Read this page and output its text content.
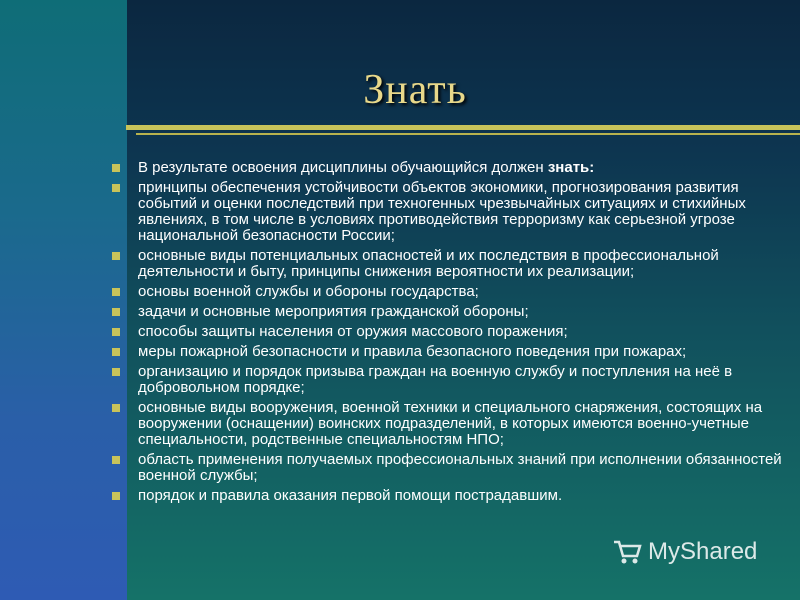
Знать
В результате освоения дисциплины обучающийся должен знать:
принципы обеспечения устойчивости объектов экономики, прогнозирования развития событий и оценки последствий при техногенных чрезвычайных ситуациях и стихийных явлениях, в том числе в условиях противодействия терроризму как серьезной угрозе национальной безопасности России;
основные виды потенциальных опасностей и их последствия в профессиональной деятельности и быту, принципы снижения вероятности их реализации;
основы военной службы и обороны государства;
задачи и основные мероприятия гражданской обороны;
способы защиты населения от оружия массового поражения;
меры пожарной безопасности и правила безопасного поведения при пожарах;
организацию и порядок призыва граждан на военную службу и поступления на неё в добровольном порядке;
основные виды вооружения, военной техники и специального снаряжения, состоящих на вооружении (оснащении) воинских подразделений, в которых имеются военно-учетные специальности, родственные специальностям НПО;
область применения получаемых профессиональных знаний при исполнении обязанностей военной службы;
порядок и правила оказания первой помощи пострадавшим.
MyShared
